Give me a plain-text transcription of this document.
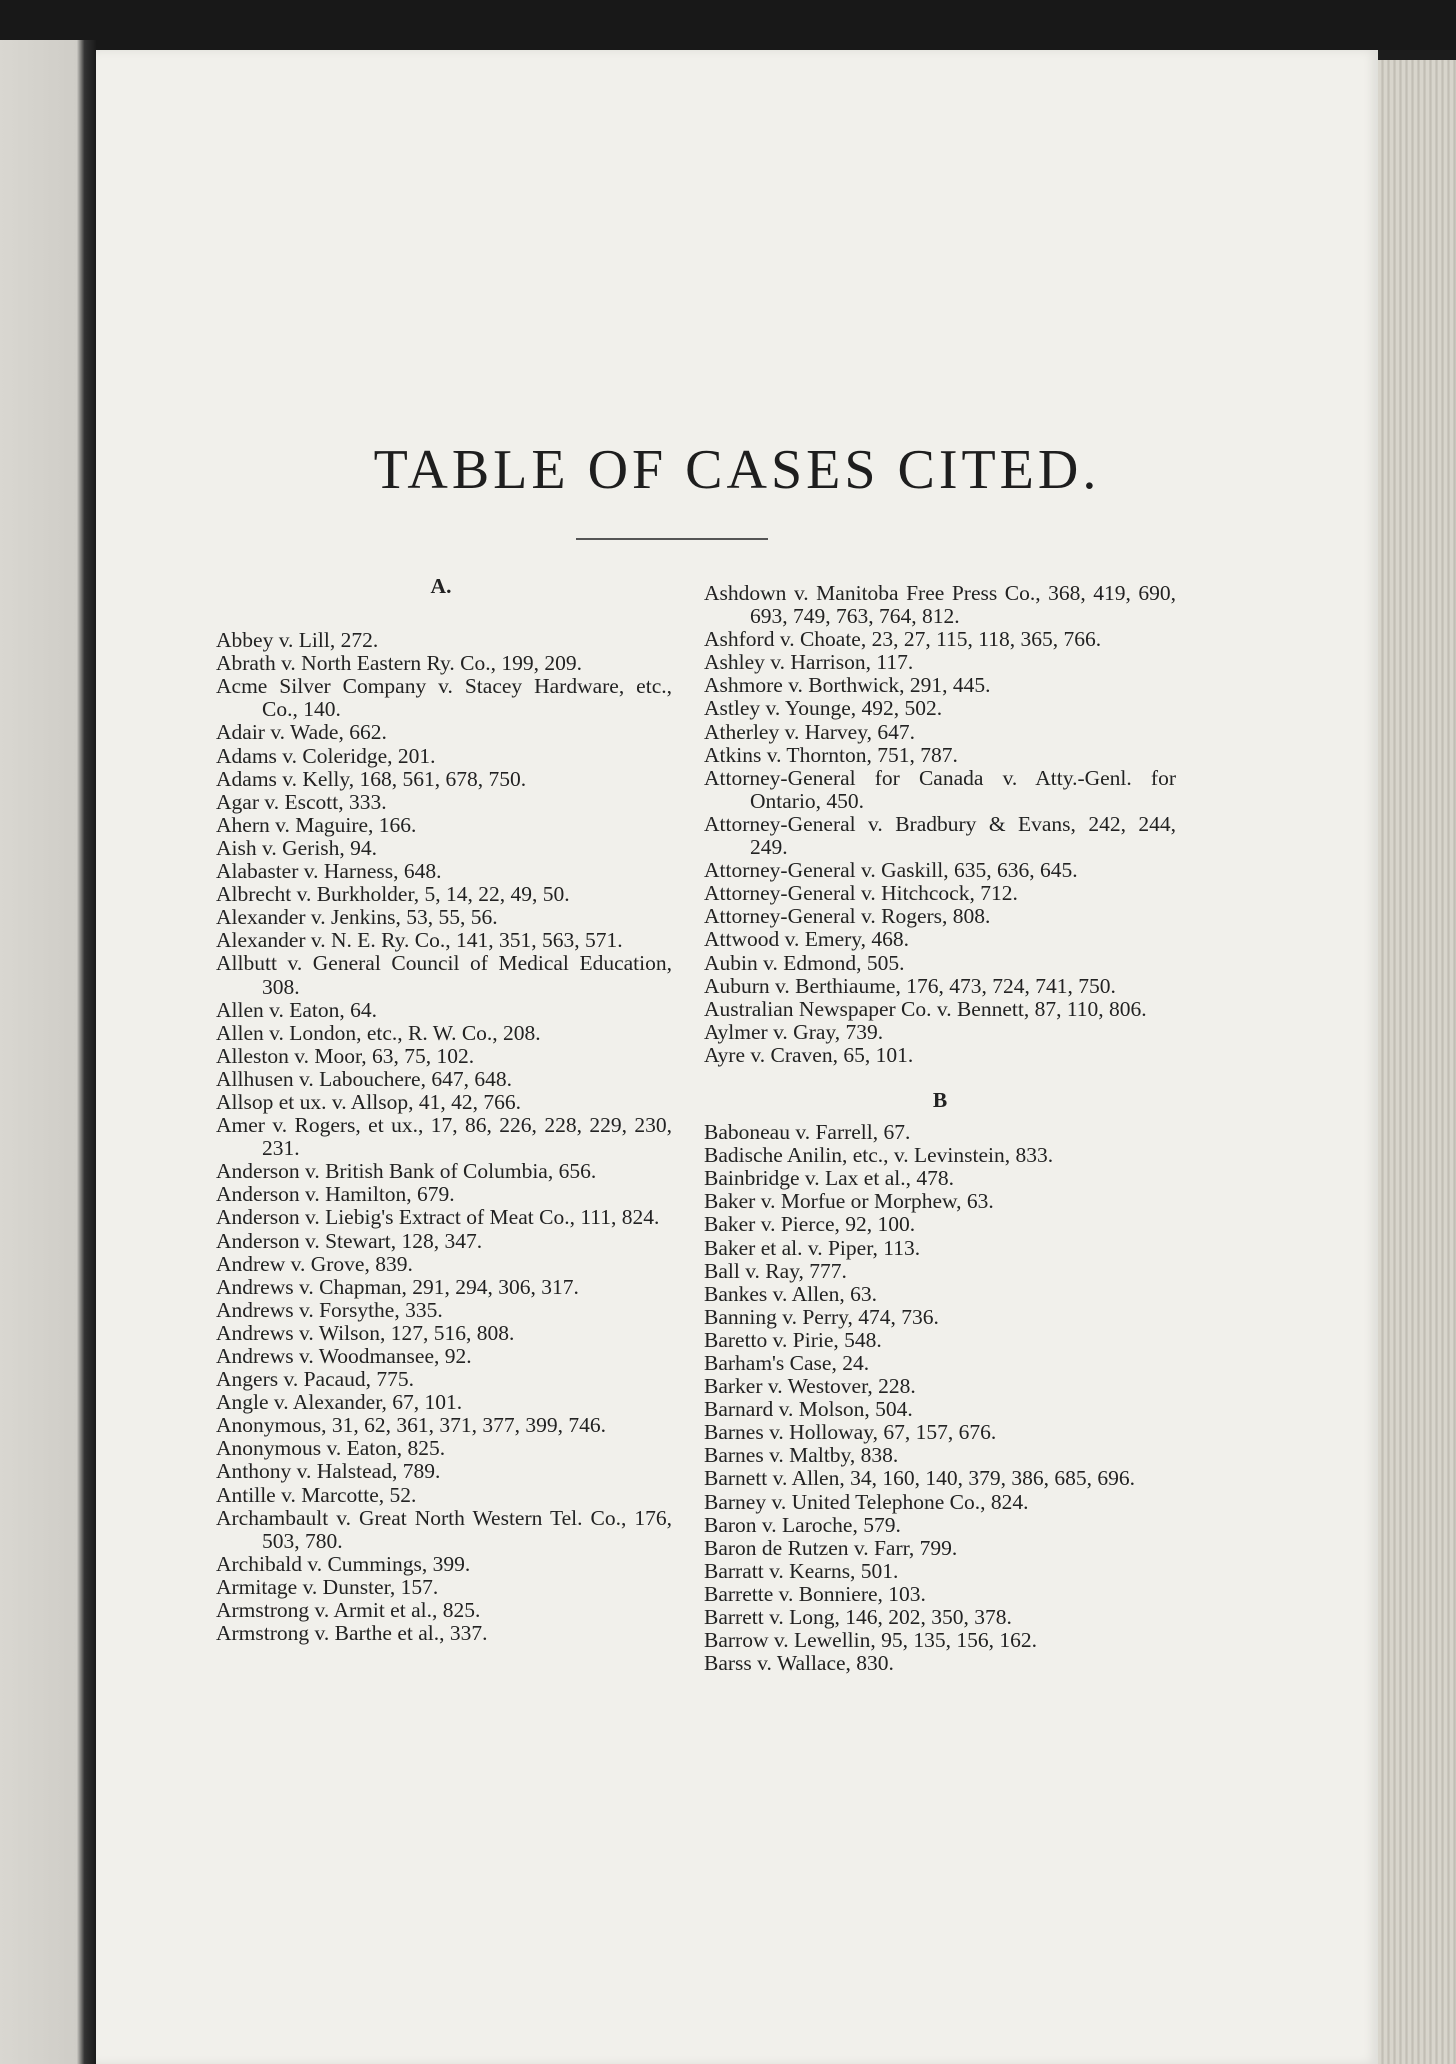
TABLE OF CASES CITED.

A.

Abbey v. Lill, 272.

Abrath v. North Eastern Ry. Co., 199, 209.

Acme Silver Company v. Stacey Hardware, etc., Co., 140.

Adair v. Wade, 662.

Adams v. Coleridge, 201.

Adams v. Kelly, 168, 561, 678, 750.

Agar v. Escott, 333.

Ahern v. Maguire, 166.

Aish v. Gerish, 94.

Alabaster v. Harness, 648.

Albrecht v. Burkholder, 5, 14, 22, 49, 50.

Alexander v. Jenkins, 53, 55, 56.

Alexander v. N. E. Ry. Co., 141, 351, 563, 571.

Allbutt v. General Council of Medical Education, 308.

Allen v. Eaton, 64.

Allen v. London, etc., R. W. Co., 208.

Alleston v. Moor, 63, 75, 102.

Allhusen v. Labouchere, 647, 648.

Allsop et ux. v. Allsop, 41, 42, 766.

Amer v. Rogers, et ux., 17, 86, 226, 228, 229, 230, 231.

Anderson v. British Bank of Columbia, 656.

Anderson v. Hamilton, 679.

Anderson v. Liebig's Extract of Meat Co., 111, 824.

Anderson v. Stewart, 128, 347.

Andrew v. Grove, 839.

Andrews v. Chapman, 291, 294, 306, 317.

Andrews v. Forsythe, 335.

Andrews v. Wilson, 127, 516, 808.

Andrews v. Woodmansee, 92.

Angers v. Pacaud, 775.

Angle v. Alexander, 67, 101.

Anonymous, 31, 62, 361, 371, 377, 399, 746.

Anonymous v. Eaton, 825.

Anthony v. Halstead, 789.

Antille v. Marcotte, 52.

Archambault v. Great North Western Tel. Co., 176, 503, 780.

Archibald v. Cummings, 399.

Armitage v. Dunster, 157.

Armstrong v. Armit et al., 825.

Armstrong v. Barthe et al., 337.

Ashdown v. Manitoba Free Press Co., 368, 419, 690, 693, 749, 763, 764, 812.

Ashford v. Choate, 23, 27, 115, 118, 365, 766.

Ashley v. Harrison, 117.

Ashmore v. Borthwick, 291, 445.

Astley v. Younge, 492, 502.

Atherley v. Harvey, 647.

Atkins v. Thornton, 751, 787.

Attorney-General for Canada v. Atty.-Genl. for Ontario, 450.

Attorney-General v. Bradbury & Evans, 242, 244, 249.

Attorney-General v. Gaskill, 635, 636, 645.

Attorney-General v. Hitchcock, 712.

Attorney-General v. Rogers, 808.

Attwood v. Emery, 468.

Aubin v. Edmond, 505.

Auburn v. Berthiaume, 176, 473, 724, 741, 750.

Australian Newspaper Co. v. Bennett, 87, 110, 806.

Aylmer v. Gray, 739.

Ayre v. Craven, 65, 101.

B

Baboneau v. Farrell, 67.

Badische Anilin, etc., v. Levinstein, 833.

Bainbridge v. Lax et al., 478.

Baker v. Morfue or Morphew, 63.

Baker v. Pierce, 92, 100.

Baker et al. v. Piper, 113.

Ball v. Ray, 777.

Bankes v. Allen, 63.

Banning v. Perry, 474, 736.

Baretto v. Pirie, 548.

Barham's Case, 24.

Barker v. Westover, 228.

Barnard v. Molson, 504.

Barnes v. Holloway, 67, 157, 676.

Barnes v. Maltby, 838.

Barnett v. Allen, 34, 160, 140, 379, 386, 685, 696.

Barney v. United Telephone Co., 824.

Baron v. Laroche, 579.

Baron de Rutzen v. Farr, 799.

Barratt v. Kearns, 501.

Barrette v. Bonniere, 103.

Barrett v. Long, 146, 202, 350, 378.

Barrow v. Lewellin, 95, 135, 156, 162.

Barss v. Wallace, 830.
